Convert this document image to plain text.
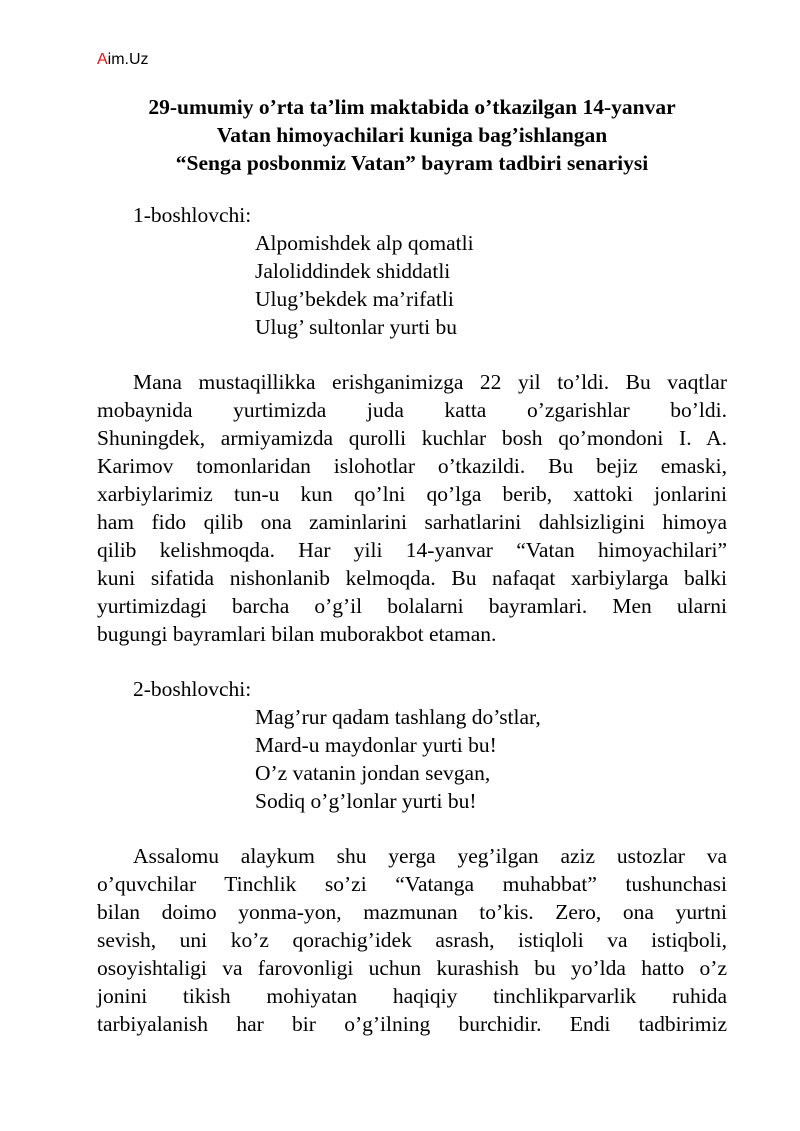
Aim.Uz
29-umumiy o’rta ta’lim maktabida o’tkazilgan 14-yanvar
Vatan himoyachilari kuniga bag’ishlangan
“Senga posbonmiz Vatan” bayram tadbiri senariysi
1-boshlovchi:
Alpomishdek alp qomatli
Jaloliddindek shiddatli
Ulug’bekdek ma’rifatli
Ulug’ sultonlar yurti bu
Mana mustaqillikka erishganimizga 22 yil to’ldi. Bu vaqtlar
mobaynida yurtimizda juda katta o’zgarishlar bo’ldi.
Shuningdek, armiyamizda qurolli kuchlar bosh qo’mondoni I. A.
Karimov tomonlaridan islohotlar o’tkazildi. Bu bejiz emaski,
xarbiylarimiz tun-u kun qo’lni qo’lga berib, xattoki jonlarini
ham fido qilib ona zaminlarini sarhatlarini dahlsizligini himoya
qilib kelishmoqda. Har yili 14-yanvar “Vatan himoyachilari”
kuni sifatida nishonlanib kelmoqda. Bu nafaqat xarbiylarga balki
yurtimizdagi barcha o’g’il bolalarni bayramlari. Men ularni
bugungi bayramlari bilan muborakbot etaman.
2-boshlovchi:
Mag’rur qadam tashlang do’stlar,
Mard-u maydonlar yurti bu!
O’z vatanin jondan sevgan,
Sodiq o’g’lonlar yurti bu!
Assalomu alaykum shu yerga yeg’ilgan aziz ustozlar va
o’quvchilar Tinchlik so’zi “Vatanga muhabbat” tushunchasi
bilan doimo yonma-yon, mazmunan to’kis. Zero, ona yurtni
sevish, uni ko’z qorachig’idek asrash, istiqloli va istiqboli,
osoyishtaligi va farovonligi uchun kurashish bu yo’lda hatto o’z
jonini tikish mohiyatan haqiqiy tinchlikparvarlik ruhida
tarbiyalanish har bir o’g’ilning burchidir. Endi tadbirimiz
